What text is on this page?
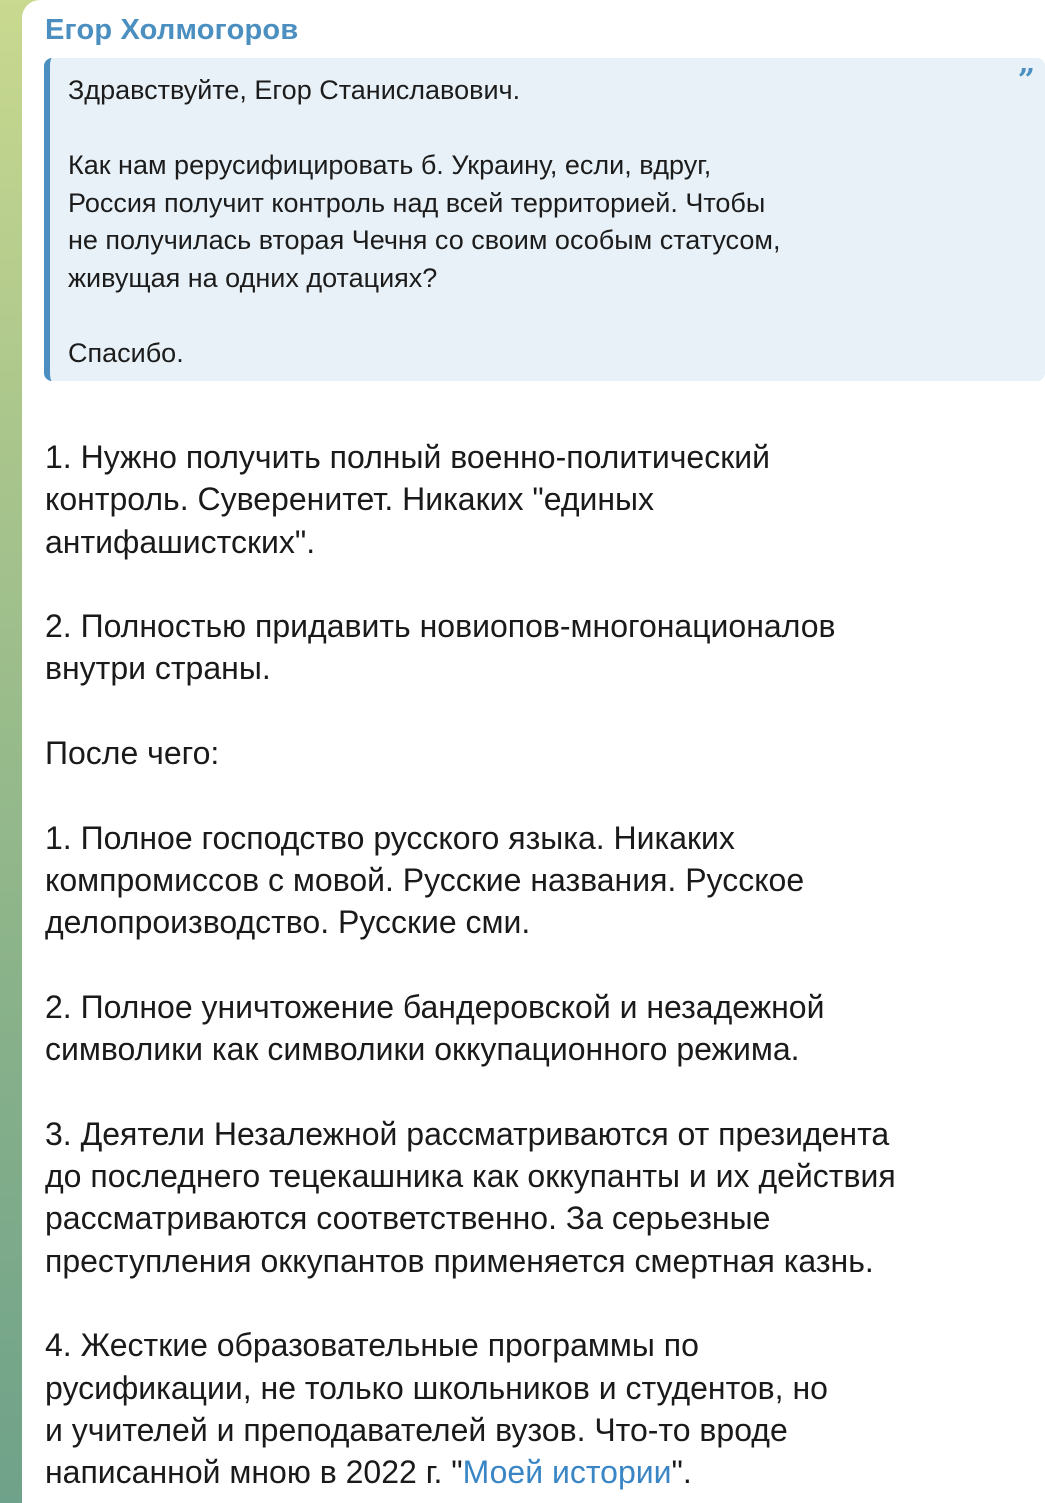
Егор Холмогоров
Здравствуйте, Егор Станиславович.

Как нам рерусифицировать б. Украину, если, вдруг,
Россия получит контроль над всей территорией. Чтобы
не получилась вторая Чечня со своим особым статусом,
живущая на одних дотациях?

Спасибо.
”
1. Нужно получить полный военно-политический
контроль. Суверенитет. Никаких "единых
антифашистских".

2. Полностью придавить новиопов-многонационалов
внутри страны.

После чего:

1. Полное господство русского языка. Никаких
компромиссов с мовой. Русские названия. Русское
делопроизводство. Русские сми.

2. Полное уничтожение бандеровской и незадежной
символики как символики оккупационного режима.

3. Деятели Незалежной рассматриваются от президента
до последнего тецекашника как оккупанты и их действия
рассматриваются соответственно. За серьезные
преступления оккупантов применяется смертная казнь.

4. Жесткие образовательные программы по
русификации, не только школьников и студентов, но
и учителей и преподавателей вузов. Что-то вроде
написанной мною в 2022 г. "Моей истории".
